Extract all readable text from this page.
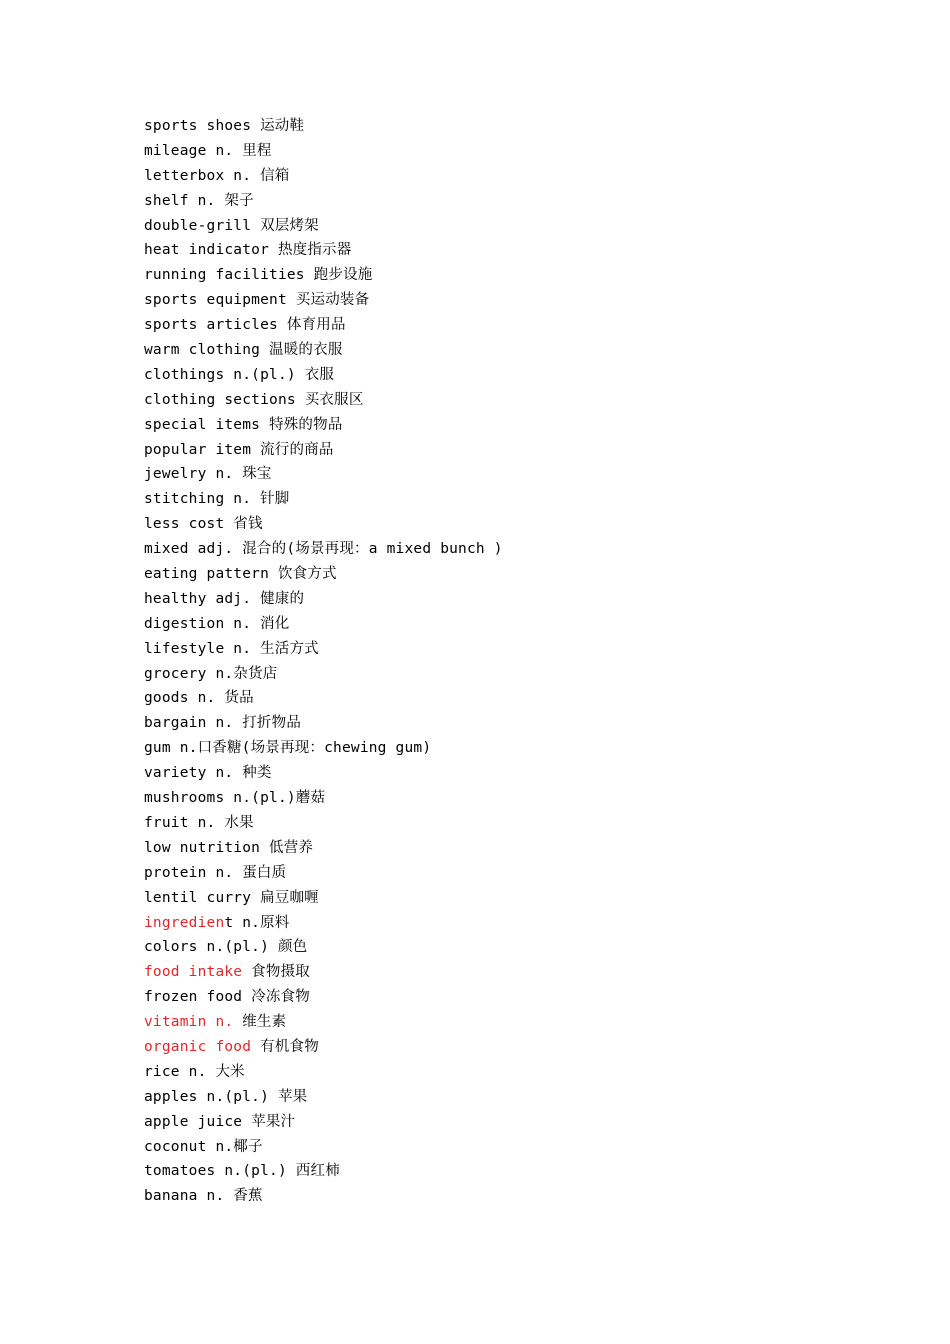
sports shoes 运动鞋
mileage n. 里程
letterbox n. 信箱
shelf n. 架子
double-grill 双层烤架
heat indicator 热度指示器
running facilities 跑步设施
sports equipment 买运动装备
sports articles 体育用品
warm clothing 温暖的衣服
clothings n.(pl.) 衣服
clothing sections 买衣服区
special items 特殊的物品
popular item 流行的商品
jewelry n. 珠宝
stitching n. 针脚
less cost 省钱
mixed adj. 混合的(场景再现：a mixed bunch )
eating pattern 饮食方式
healthy adj. 健康的
digestion n. 消化
lifestyle n. 生活方式
grocery n.杂货店
goods n. 货品
bargain n. 打折物品
gum n.口香糖(场景再现：chewing gum)
variety n. 种类
mushrooms n.(pl.)蘑菇
fruit n. 水果
low nutrition 低营养
protein n. 蛋白质
lentil curry 扁豆咖喱
ingredient n.原料
colors n.(pl.) 颜色
food intake 食物摄取
frozen food 冷冻食物
vitamin n. 维生素
organic food 有机食物
rice n. 大米
apples n.(pl.) 苹果
apple juice 苹果汁
coconut n.椰子
tomatoes n.(pl.) 西红柿
banana n. 香蕉
